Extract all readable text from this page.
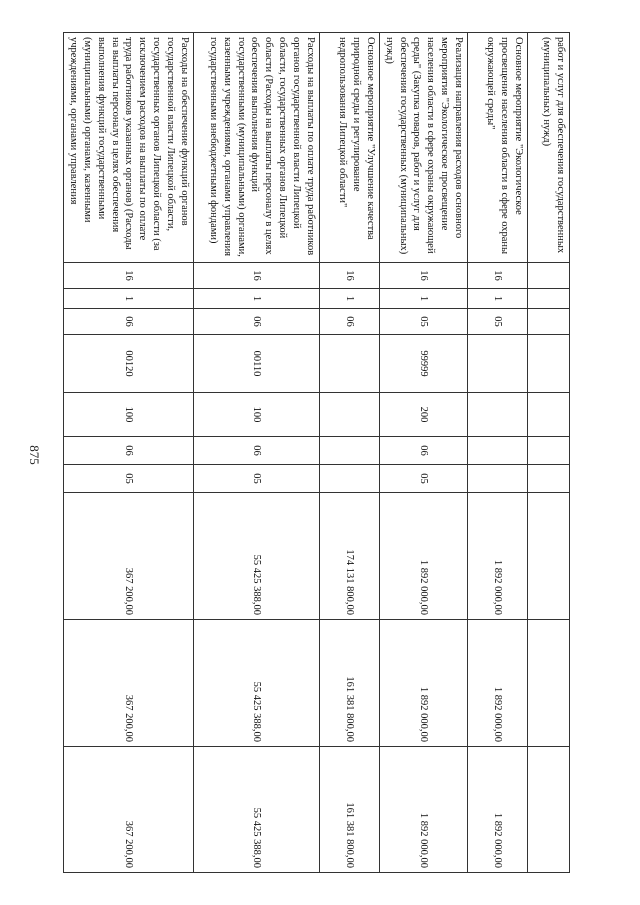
875
работ и услуг для обеспечения государственных (муниципальных) нужд)										
Основное мероприятие "Экологическое просвещение населения области в сфере охраны окружающей среды"	16	1	05					1 892 000,00	1 892 000,00	1 892 000,00
Реализация направления расходов основного мероприятия "Экологическое просвещение населения области в сфере охраны окружающей среды" (Закупка товаров, работ и услуг для обеспечения государственных (муниципальных) нужд)	16	1	05	99999	200	06	05	1 892 000,00	1 892 000,00	1 892 000,00
Основное мероприятие "Улучшение качества природной среды и регулирование недропользования Липецкой области"	16	1	06					174 131 800,00	161 381 800,00	161 381 800,00
Расходы на выплаты по оплате труда работников органов государственной власти Липецкой области, государственных органов Липецкой области (Расходы на выплаты персоналу в целях обеспечения выполнения функций государственными (муниципальными) органами, казенными учреждениями, органами управления государственными внебюджетными фондами)	16	1	06	00110	100	06	05	55 425 388,00	55 425 388,00	55 425 388,00
Расходы на обеспечение функций органов государственной власти Липецкой области, государственных органов Липецкой области (за исключением расходов на выплаты по оплате труда работников указанных органов) (Расходы на выплаты персоналу в целях обеспечения выполнения функций государственными (муниципальными) органами, казенными учреждениями, органами управления	16	1	06	00120	100	06	05	367 200,00	367 200,00	367 200,00
